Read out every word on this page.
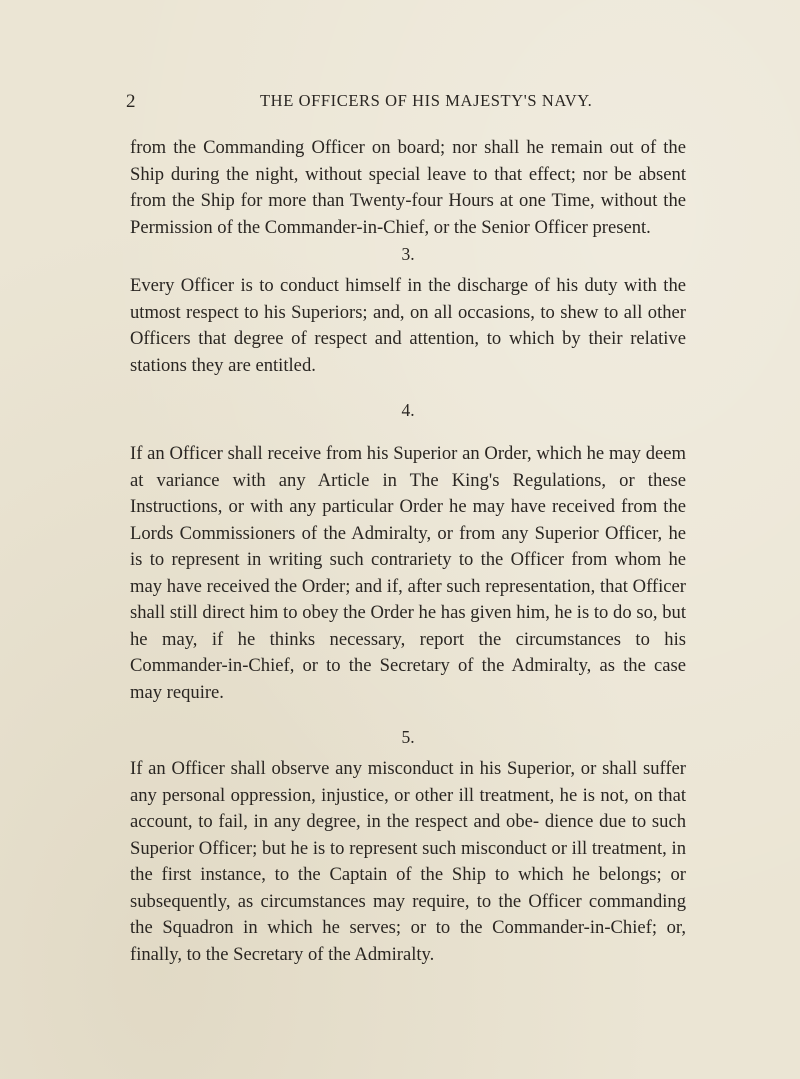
2	THE OFFICERS OF HIS MAJESTY'S NAVY.

from the Commanding Officer on board; nor shall he remain out of the Ship during the night, without special leave to that effect; nor be absent from the Ship for more than Twenty-four Hours at one Time, without the Permission of the Commander-in-Chief, or the Senior Officer present.

3.

Every Officer is to conduct himself in the discharge of his duty with the utmost respect to his Superiors; and, on all occasions, to shew to all other Officers that degree of respect and attention, to which by their relative stations they are entitled.

4.

If an Officer shall receive from his Superior an Order, which he may deem at variance with any Article in The King's Regulations, or these Instructions, or with any particular Order he may have received from the Lords Commissioners of the Admiralty, or from any Superior Officer, he is to represent in writing such contrariety to the Officer from whom he may have received the Order; and if, after such representation, that Officer shall still direct him to obey the Order he has given him, he is to do so, but he may, if he thinks necessary, report the circumstances to his Commander-in-Chief, or to the Secretary of the Admiralty, as the case may require.

5.

If an Officer shall observe any misconduct in his Superior, or shall suffer any personal oppression, injustice, or other ill treatment, he is not, on that account, to fail, in any degree, in the respect and obe- dience due to such Superior Officer; but he is to represent such misconduct or ill treatment, in the first instance, to the Captain of the Ship to which he belongs; or subsequently, as circumstances may require, to the Officer commanding the Squadron in which he serves; or to the Commander-in-Chief; or, finally, to the Secretary of the Admiralty.
